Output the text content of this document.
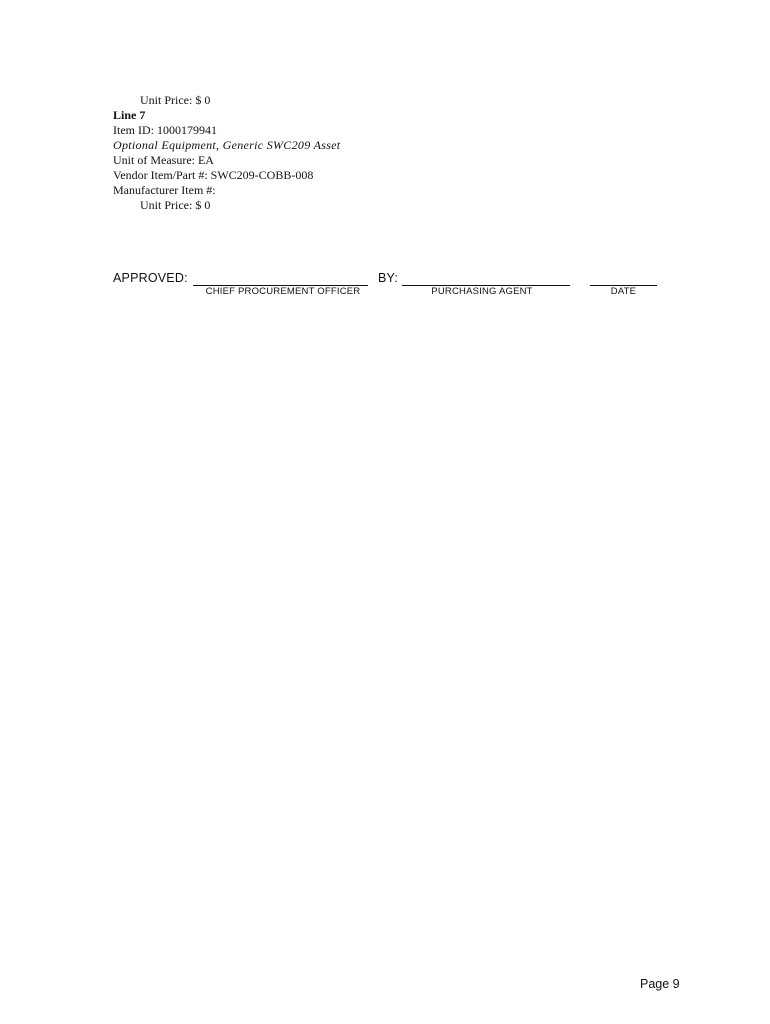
Unit Price: $ 0
Line 7
Item ID: 1000179941
Optional Equipment, Generic SWC209 Asset
Unit of Measure: EA
Vendor Item/Part #: SWC209-COBB-008
Manufacturer Item #:
Unit Price: $ 0
APPROVED:
CHIEF PROCUREMENT OFFICER
BY:
PURCHASING AGENT	DATE
Page 9
